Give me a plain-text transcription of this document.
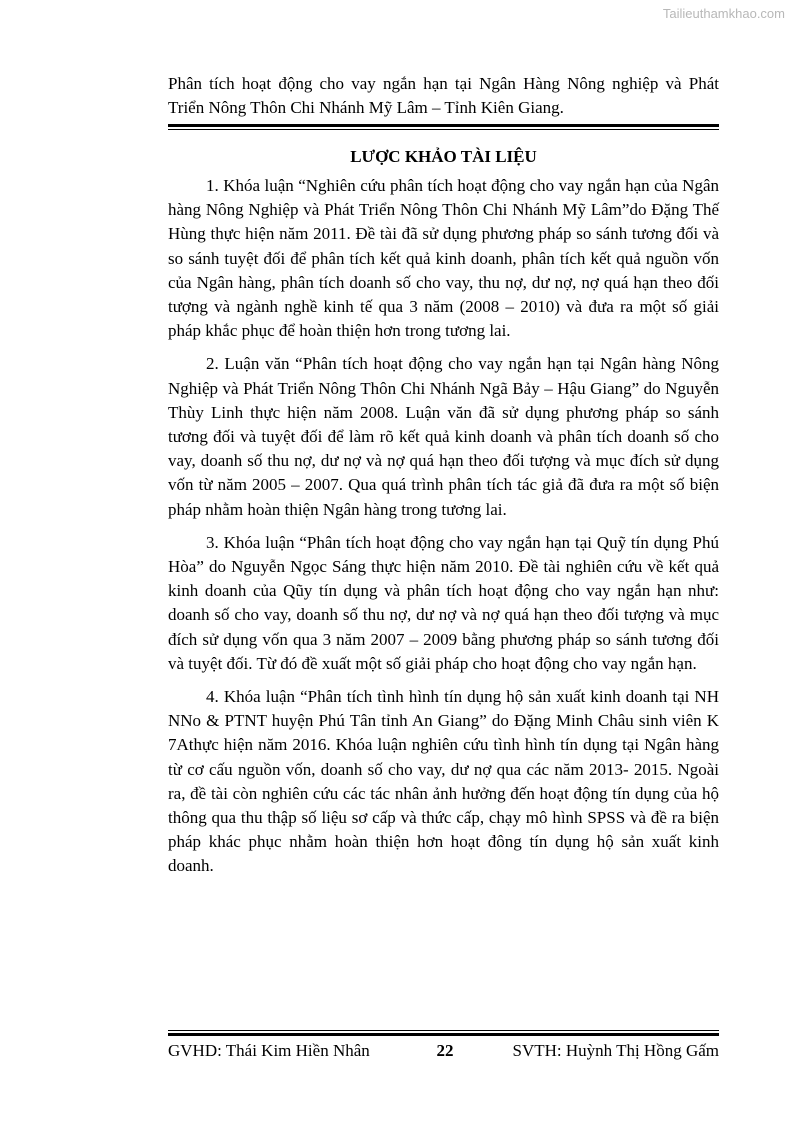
Tailieuthamkhao.com
Phân tích hoạt động cho vay ngắn hạn tại Ngân Hàng Nông nghiệp và Phát
Triển Nông Thôn Chi Nhánh Mỹ Lâm – Tỉnh Kiên Giang.
LƯỢC KHẢO TÀI LIỆU

1. Khóa luận “Nghiên cứu phân tích hoạt động cho vay ngắn hạn của Ngân hàng Nông Nghiệp và Phát Triển Nông Thôn Chi Nhánh Mỹ Lâm”do Đặng Thế Hùng thực hiện năm 2011. Đề tài đã sử dụng phương pháp so sánh tương đối và so sánh tuyệt đối để phân tích kết quả kinh doanh, phân tích kết quả nguồn vốn của Ngân hàng, phân tích doanh số cho vay, thu nợ, dư nợ, nợ quá hạn theo đối tượng và ngành nghề kinh tế qua 3 năm (2008 – 2010) và đưa ra một số giải pháp khắc phục để hoàn thiện hơn trong tương lai.

2. Luận văn “Phân tích hoạt động cho vay ngắn hạn tại Ngân hàng Nông Nghiệp và Phát Triển Nông Thôn Chi Nhánh Ngã Bảy – Hậu Giang” do Nguyễn Thùy Linh thực hiện năm 2008. Luận văn đã sử dụng phương pháp so sánh tương đối và tuyệt đối để làm rõ kết quả kinh doanh và phân tích doanh số cho vay, doanh số thu nợ, dư nợ và nợ quá hạn theo đối tượng và mục đích sử dụng vốn từ năm 2005 – 2007. Qua quá trình phân tích tác giả đã đưa ra một số biện pháp nhằm hoàn thiện Ngân hàng trong tương lai.

3. Khóa luận “Phân tích hoạt động cho vay ngắn hạn tại Quỹ tín dụng Phú Hòa” do Nguyễn Ngọc Sáng thực hiện năm 2010. Đề tài nghiên cứu về kết quả kinh doanh của Qũy tín dụng và phân tích hoạt động cho vay ngắn hạn như: doanh số cho vay, doanh số thu nợ, dư nợ và nợ quá hạn theo đối tượng và mục đích sử dụng vốn qua 3 năm 2007 – 2009 bằng phương pháp so sánh tương đối và tuyệt đối. Từ đó đề xuất một số giải pháp cho hoạt động cho vay ngắn hạn.

4. Khóa luận “Phân tích tình hình tín dụng hộ sản xuất kinh doanh tại NH NNo & PTNT huyện Phú Tân tỉnh An Giang” do Đặng Minh Châu sinh viên K 7Athực hiện năm 2016. Khóa luận nghiên cứu tình hình tín dụng tại Ngân hàng từ cơ cấu nguồn vốn, doanh số cho vay, dư nợ qua các năm 2013- 2015. Ngoài ra, đề tài còn nghiên cứu các tác nhân ảnh hưởng đến hoạt động tín dụng của hộ thông qua thu thập số liệu sơ cấp và thức cấp, chạy mô hình SPSS và đề ra biện pháp khác phục nhằm hoàn thiện hơn hoạt đông tín dụng hộ sản xuất kinh doanh.

GVHD: Thái Kim Hiền Nhân	22	SVTH: Huỳnh Thị Hồng Gấm
